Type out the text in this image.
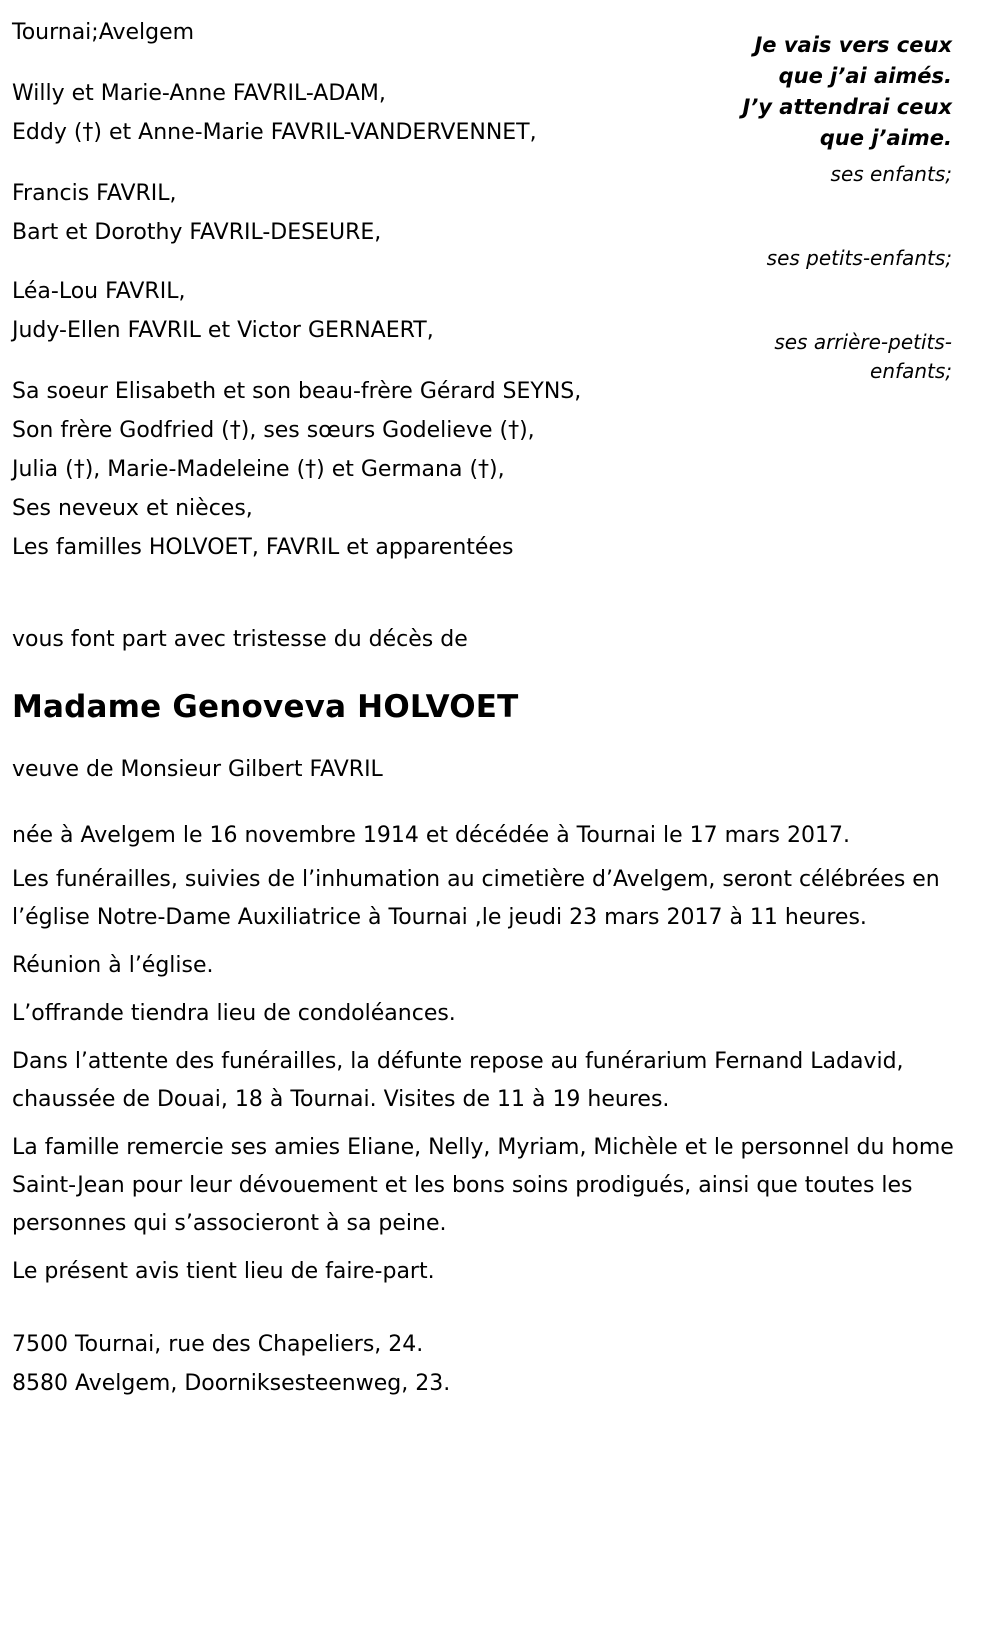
Tournai;Avelgem
Willy et Marie-Anne FAVRIL-ADAM,
Eddy (†) et Anne-Marie FAVRIL-VANDERVENNET,
Francis FAVRIL,
Bart et Dorothy FAVRIL-DESEURE,
Léa-Lou FAVRIL,
Judy-Ellen FAVRIL et Victor GERNAERT,
Sa soeur Elisabeth et son beau-frère Gérard SEYNS,
Son frère Godfried (†), ses sœurs Godelieve (†),
Julia (†), Marie-Madeleine (†) et Germana (†),
Ses neveux et nièces,
Les familles HOLVOET, FAVRIL et apparentées
Je vais vers ceux
que j’ai aimés.
J’y attendrai ceux
que j’aime.
ses enfants;
ses petits-enfants;
ses arrière-petits-
enfants;
vous font part avec tristesse du décès de
Madame Genoveva HOLVOET
veuve de Monsieur Gilbert FAVRIL
née à Avelgem le 16 novembre 1914 et décédée à Tournai le 17 mars 2017.
Les funérailles, suivies de l’inhumation au cimetière d’Avelgem, seront célébrées en l’église Notre-Dame Auxiliatrice à Tournai ,le jeudi 23 mars 2017 à 11 heures.
Réunion à l’église.
L’offrande tiendra lieu de condoléances.
Dans l’attente des funérailles, la défunte repose au funérarium Fernand Ladavid, chaussée de Douai, 18 à Tournai. Visites de 11 à 19 heures.
La famille remercie ses amies Eliane, Nelly, Myriam, Michèle et le personnel du home Saint-Jean pour leur dévouement et les bons soins prodigués, ainsi que toutes les personnes qui s’associeront à sa peine.
Le présent avis tient lieu de faire-part.
7500 Tournai, rue des Chapeliers, 24.
8580 Avelgem, Doorniksesteenweg, 23.
